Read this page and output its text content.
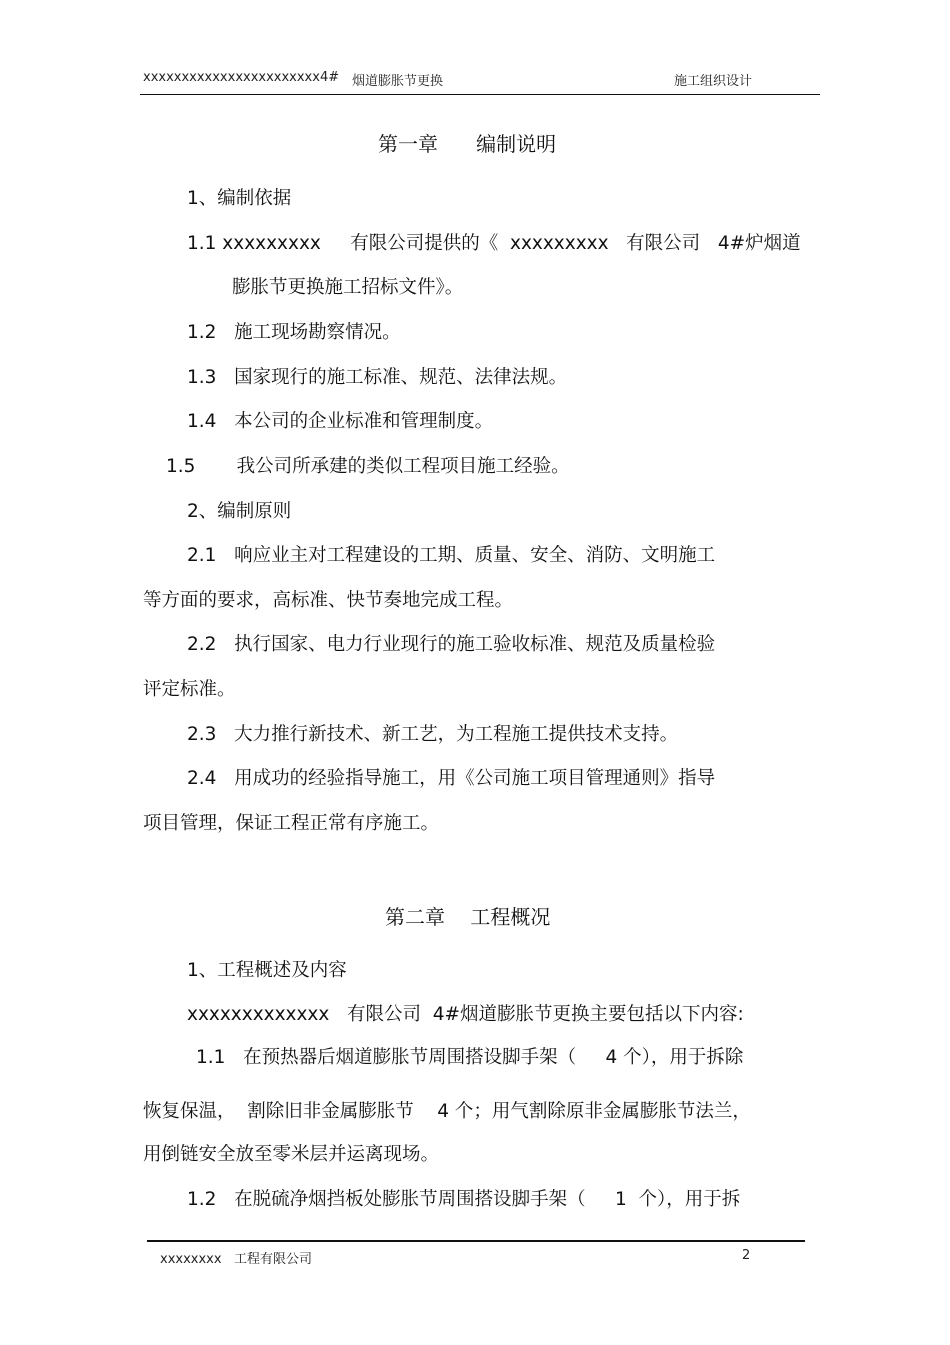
xxxxxxxxxxxxxxxxxxxxxxx4# 烟道膨胀节更换	施工组织设计
第一章      编制说明
1、编制依据
1.1 xxxxxxxxx     有限公司提供的《  xxxxxxxxx   有限公司   4#炉烟道
膨胀节更换施工招标文件》。
1.2   施工现场勘察情况。
1.3   国家现行的施工标准、规范、法律法规。
1.4   本公司的企业标准和管理制度。
1.5       我公司所承建的类似工程项目施工经验。
2、编制原则
2.1   响应业主对工程建设的工期、质量、安全、消防、文明施工
等方面的要求，高标准、快节奏地完成工程。
2.2   执行国家、电力行业现行的施工验收标准、规范及质量检验
评定标准。
2.3   大力推行新技术、新工艺，为工程施工提供技术支持。
2.4   用成功的经验指导施工，用《公司施工项目管理通则》指导
项目管理，保证工程正常有序施工。
第二章    工程概况
1、工程概述及内容
xxxxxxxxxxxxx   有限公司  4#烟道膨胀节更换主要包括以下内容:
1.1   在预热器后烟道膨胀节周围搭设脚手架（     4 个），用于拆除
恢复保温，  割除旧非金属膨胀节    4 个；用气割除原非金属膨胀节法兰，
用倒链安全放至零米层并运离现场。
1.2   在脱硫净烟挡板处膨胀节周围搭设脚手架（     1  个），用于拆
xxxxxxxx   工程有限公司	2
